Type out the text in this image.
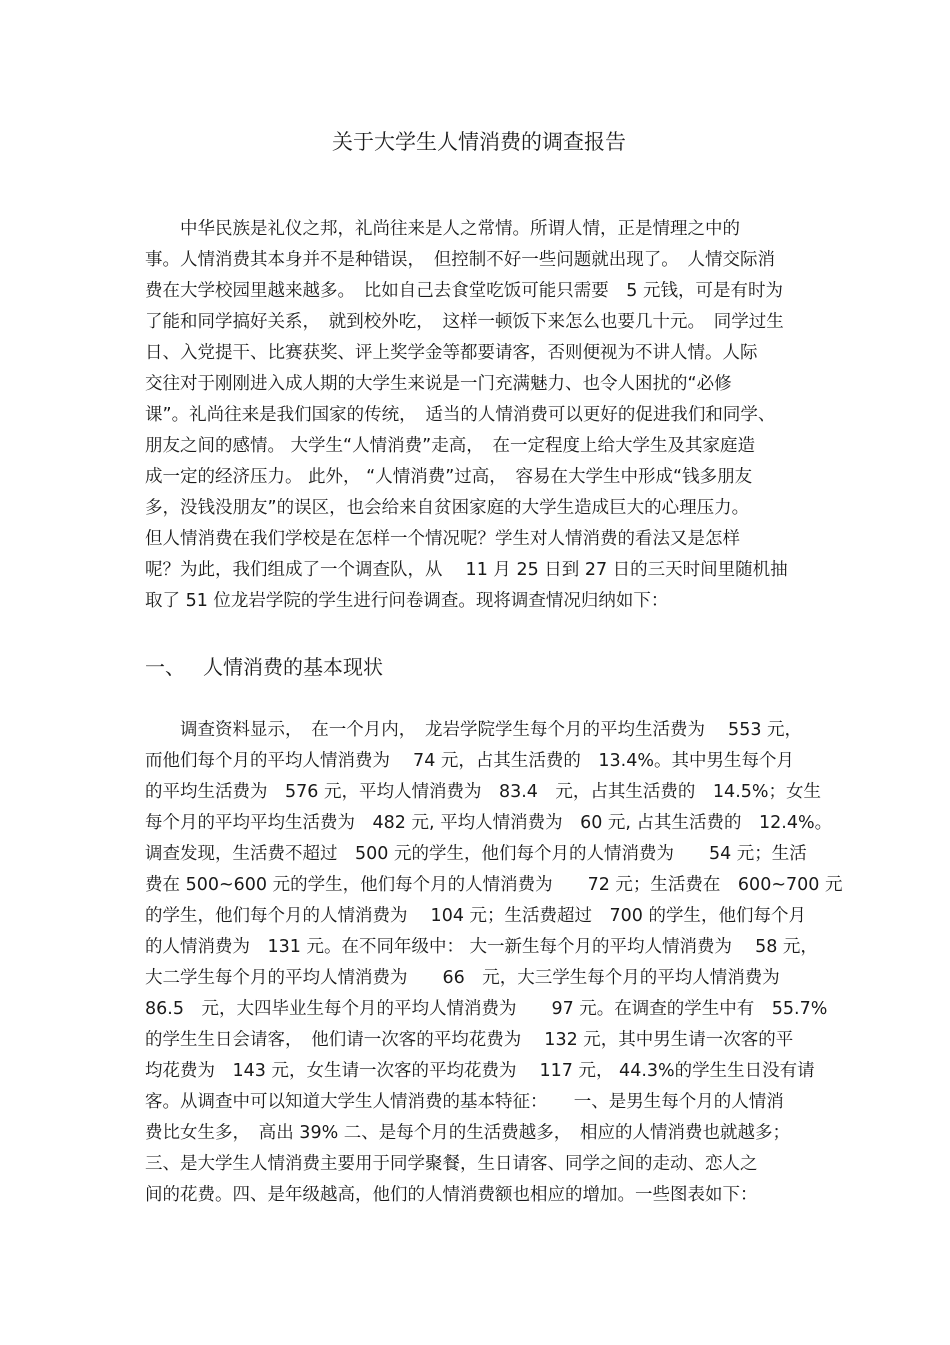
关于大学生人情消费的调查报告
　　中华民族是礼仪之邦，礼尚往来是人之常情。所谓人情，正是情理之中的
事。人情消费其本身并不是种错误，　但控制不好一些问题就出现了。　人情交际消
费在大学校园里越来越多。　比如自己去食堂吃饭可能只需要　5 元钱，可是有时为
了能和同学搞好关系，　就到校外吃，　这样一顿饭下来怎么也要几十元。　同学过生
日、入党提干、比赛获奖、评上奖学金等都要请客，否则便视为不讲人情。人际
交往对于刚刚进入成人期的大学生来说是一门充满魅力、也令人困扰的“必修
课”。礼尚往来是我们国家的传统，　适当的人情消费可以更好的促进我们和同学、
朋友之间的感情。 大学生“人情消费”走高，　在一定程度上给大学生及其家庭造
成一定的经济压力。 此外， “人情消费”过高，　容易在大学生中形成“钱多朋友
多，没钱没朋友”的误区，也会给来自贫困家庭的大学生造成巨大的心理压力。
但人情消费在我们学校是在怎样一个情况呢？学生对人情消费的看法又是怎样
呢？为此，我们组成了一个调查队，从　 11 月 25 日到 27 日的三天时间里随机抽
取了 51 位龙岩学院的学生进行问卷调查。现将调查情况归纳如下：
一、 人情消费的基本现状
　　调查资料显示，　在一个月内，　龙岩学院学生每个月的平均生活费为　 553 元，
而他们每个月的平均人情消费为　 74 元，占其生活费的　13.4%。其中男生每个月
的平均生活费为　576 元，平均人情消费为　83.4　元，占其生活费的　14.5%；女生
每个月的平均平均生活费为　482 元, 平均人情消费为　60 元, 占其生活费的　12.4%。
调查发现，生活费不超过　500 元的学生，他们每个月的人情消费为　　54 元；生活
费在 500~600 元的学生，他们每个月的人情消费为　　72 元；生活费在　600~700 元
的学生，他们每个月的人情消费为　 104 元；生活费超过　700 的学生，他们每个月
的人情消费为　131 元。在不同年级中： 大一新生每个月的平均人情消费为　 58 元，
大二学生每个月的平均人情消费为　　66　元，大三学生每个月的平均人情消费为
86.5　元，大四毕业生每个月的平均人情消费为　　97 元。在调查的学生中有　55.7%
的学生生日会请客，　他们请一次客的平均花费为　 132 元，其中男生请一次客的平
均花费为　143 元，女生请一次客的平均花费为　 117 元， 44.3%的学生生日没有请
客。从调查中可以知道大学生人情消费的基本特征：　　一、是男生每个月的人情消
费比女生多，　高出 39% 二、是每个月的生活费越多，　相应的人情消费也就越多；
三、是大学生人情消费主要用于同学聚餐，生日请客、同学之间的走动、恋人之
间的花费。四、是年级越高，他们的人情消费额也相应的增加。一些图表如下：
